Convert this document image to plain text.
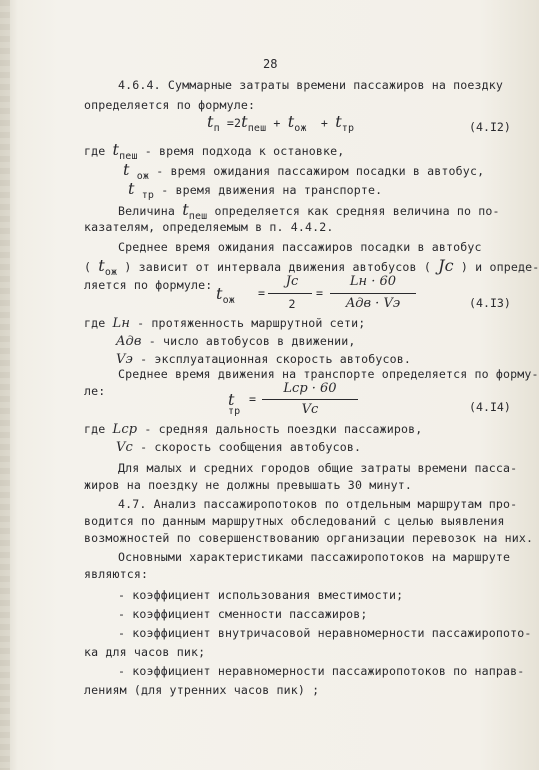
28
4.6.4. Суммарные затраты времени пассажиров на поездку
определяется по формуле:
tп =2tпеш + tож + tтр	(4.I2)
где tпеш - время подхода к остановке,
t ож - время ожидания пассажиром посадки в автобус,
t тр - время движения на транспорте.
Величина tпеш определяется как средняя величина по по-
казателям, определяемым в п. 4.4.2.
Среднее время ожидания пассажиров посадки в автобус
( tож ) зависит от интервала движения автобусов ( Jc ) и опреде-
ляется по формуле: tож
=
Jc
2
=
Lн · 60
Aдв · Vэ	(4.I3)
где Lн - протяженность маршрутной сети;
Aдв - число автобусов в движении,
Vэ - эксплуатационная скорость автобусов.
Среднее время движения на транспорте определяется по форму-
ле:	t
тр
=
Lср · 60
Vc	(4.I4)
где Lср - средняя дальность поездки пассажиров,
Vc - скорость сообщения автобусов.
Для малых и средних городов общие затраты времени пасса-
жиров на поездку не должны превышать 30 минут.
4.7. Анализ пассажиропотоков по отдельным маршрутам про-
водится по данным маршрутных обследований с целью выявления
возможностей по совершенствованию организации перевозок на них.
Основными характеристиками пассажиропотоков на маршруте
являются:
- коэффициент использования вместимости;
- коэффициент сменности пассажиров;
- коэффициент внутричасовой неравномерности пассажиропото-
ка для часов пик;
- коэффициент неравномерности пассажиропотоков по направ-
лениям (для утренних часов пик) ;
